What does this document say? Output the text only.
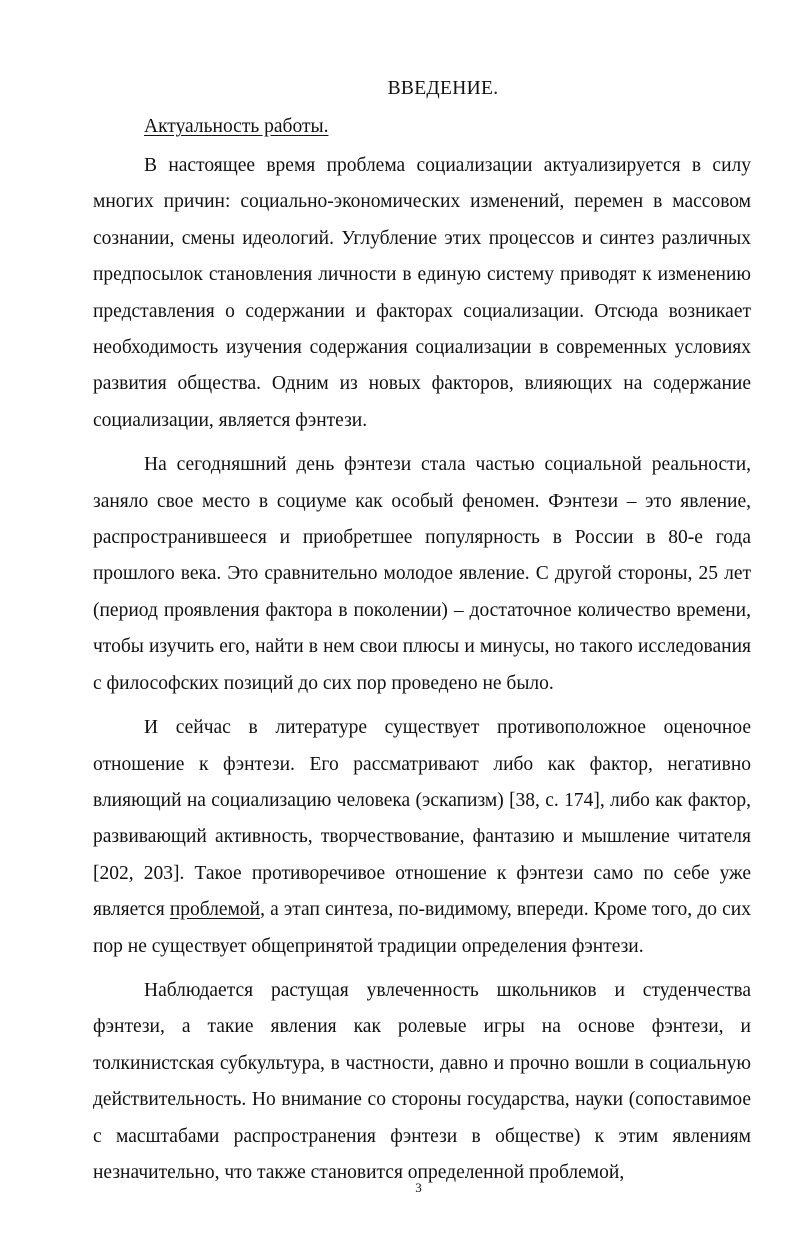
ВВЕДЕНИЕ.
Актуальность работы.

В настоящее время проблема социализации актуализируется в силу многих причин: социально-экономических изменений, перемен в массовом сознании, смены идеологий. Углубление этих процессов и синтез различных предпосылок становления личности в единую систему приводят к изменению представления о содержании и факторах социализации. Отсюда возникает необходимость изучения содержания социализации в современных условиях развития общества. Одним из новых факторов, влияющих на содержание социализации, является фэнтези.

На сегодняшний день фэнтези стала частью социальной реальности, заняло свое место в социуме как особый феномен. Фэнтези – это явление, распространившееся и приобретшее популярность в России в 80-е года прошлого века. Это сравнительно молодое явление. С другой стороны, 25 лет (период проявления фактора в поколении) – достаточное количество времени, чтобы изучить его, найти в нем свои плюсы и минусы, но такого исследования с философских позиций до сих пор проведено не было.

И сейчас в литературе существует противоположное оценочное отношение к фэнтези. Его рассматривают либо как фактор, негативно влияющий на социализацию человека (эскапизм) [38, с. 174], либо как фактор, развивающий активность, творчествование, фантазию и мышление читателя [202, 203]. Такое противоречивое отношение к фэнтези само по себе уже является проблемой, а этап синтеза, по-видимому, впереди. Кроме того, до сих пор не существует общепринятой традиции определения фэнтези.

Наблюдается растущая увлеченность школьников и студенчества фэнтези, а такие явления как ролевые игры на основе фэнтези, и толкинистская субкультура, в частности, давно и прочно вошли в социальную действительность. Но внимание со стороны государства, науки (сопоставимое с масштабами распространения фэнтези в обществе) к этим явлениям незначительно, что также становится определенной проблемой,

3
